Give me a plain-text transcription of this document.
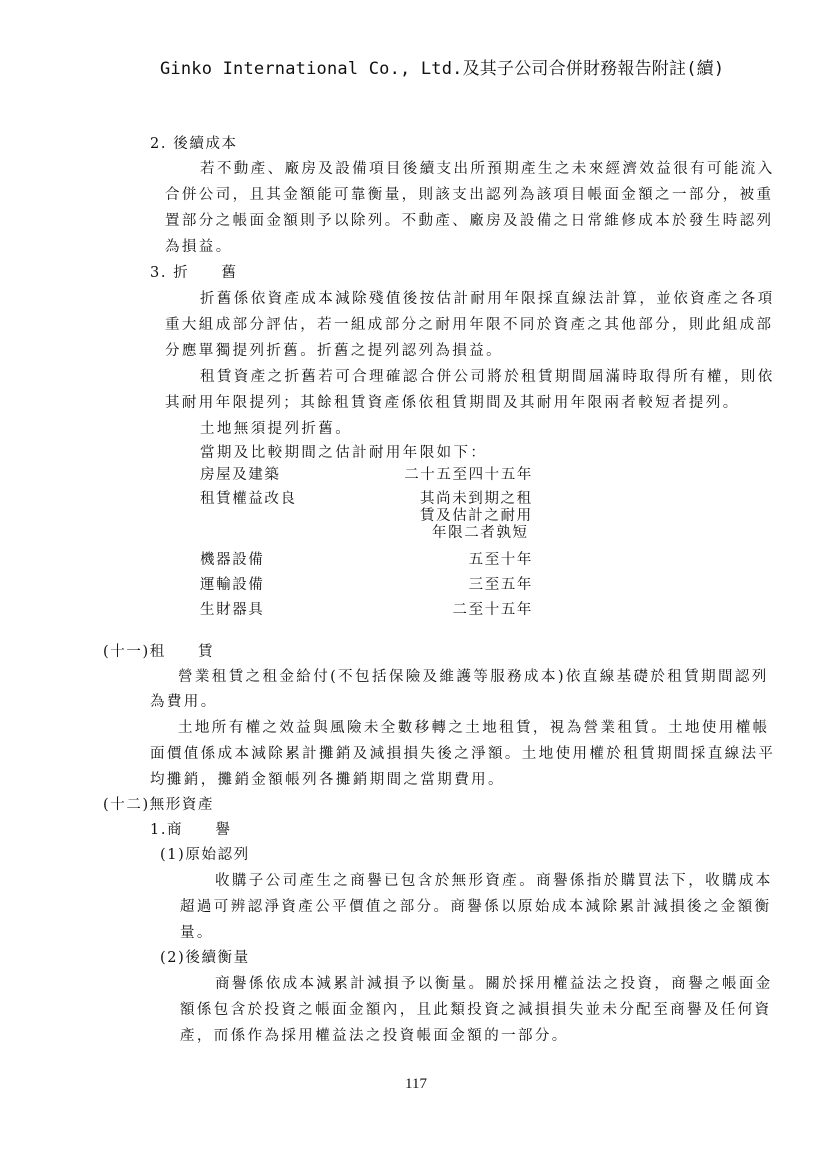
Ginko International Co., Ltd.及其子公司合併財務報告附註(續)
2. 後續成本
若不動產、廠房及設備項目後續支出所預期產生之未來經濟效益很有可能流入
合併公司，且其金額能可靠衡量，則該支出認列為該項目帳面金額之一部分，被重
置部分之帳面金額則予以除列。不動產、廠房及設備之日常維修成本於發生時認列
為損益。
3. 折　　舊
折舊係依資產成本減除殘值後按估計耐用年限採直線法計算，並依資產之各項
重大組成部分評估，若一組成部分之耐用年限不同於資產之其他部分，則此組成部
分應單獨提列折舊。折舊之提列認列為損益。
租賃資產之折舊若可合理確認合併公司將於租賃期間屆滿時取得所有權，則依
其耐用年限提列；其餘租賃資產係依租賃期間及其耐用年限兩者較短者提列。
土地無須提列折舊。
當期及比較期間之估計耐用年限如下：
房屋及建築	二十五至四十五年
租賃權益改良	其尚未到期之租
賃及估計之耐用
年限二者孰短
機器設備	五至十年
運輸設備	三至五年
生財器具	二至十五年
(十一)租　　賃
營業租賃之租金給付(不包括保險及維護等服務成本)依直線基礎於租賃期間認列
為費用。
土地所有權之效益與風險未全數移轉之土地租賃，視為營業租賃。土地使用權帳
面價值係成本減除累計攤銷及減損損失後之淨額。土地使用權於租賃期間採直線法平
均攤銷，攤銷金額帳列各攤銷期間之當期費用。
(十二)無形資產
1.商　　譽
(1)原始認列
收購子公司產生之商譽已包含於無形資產。商譽係指於購買法下，收購成本
超過可辨認淨資產公平價值之部分。商譽係以原始成本減除累計減損後之金額衡
量。
(2)後續衡量
商譽係依成本減累計減損予以衡量。關於採用權益法之投資，商譽之帳面金
額係包含於投資之帳面金額內，且此類投資之減損損失並未分配至商譽及任何資
產，而係作為採用權益法之投資帳面金額的一部分。
117
